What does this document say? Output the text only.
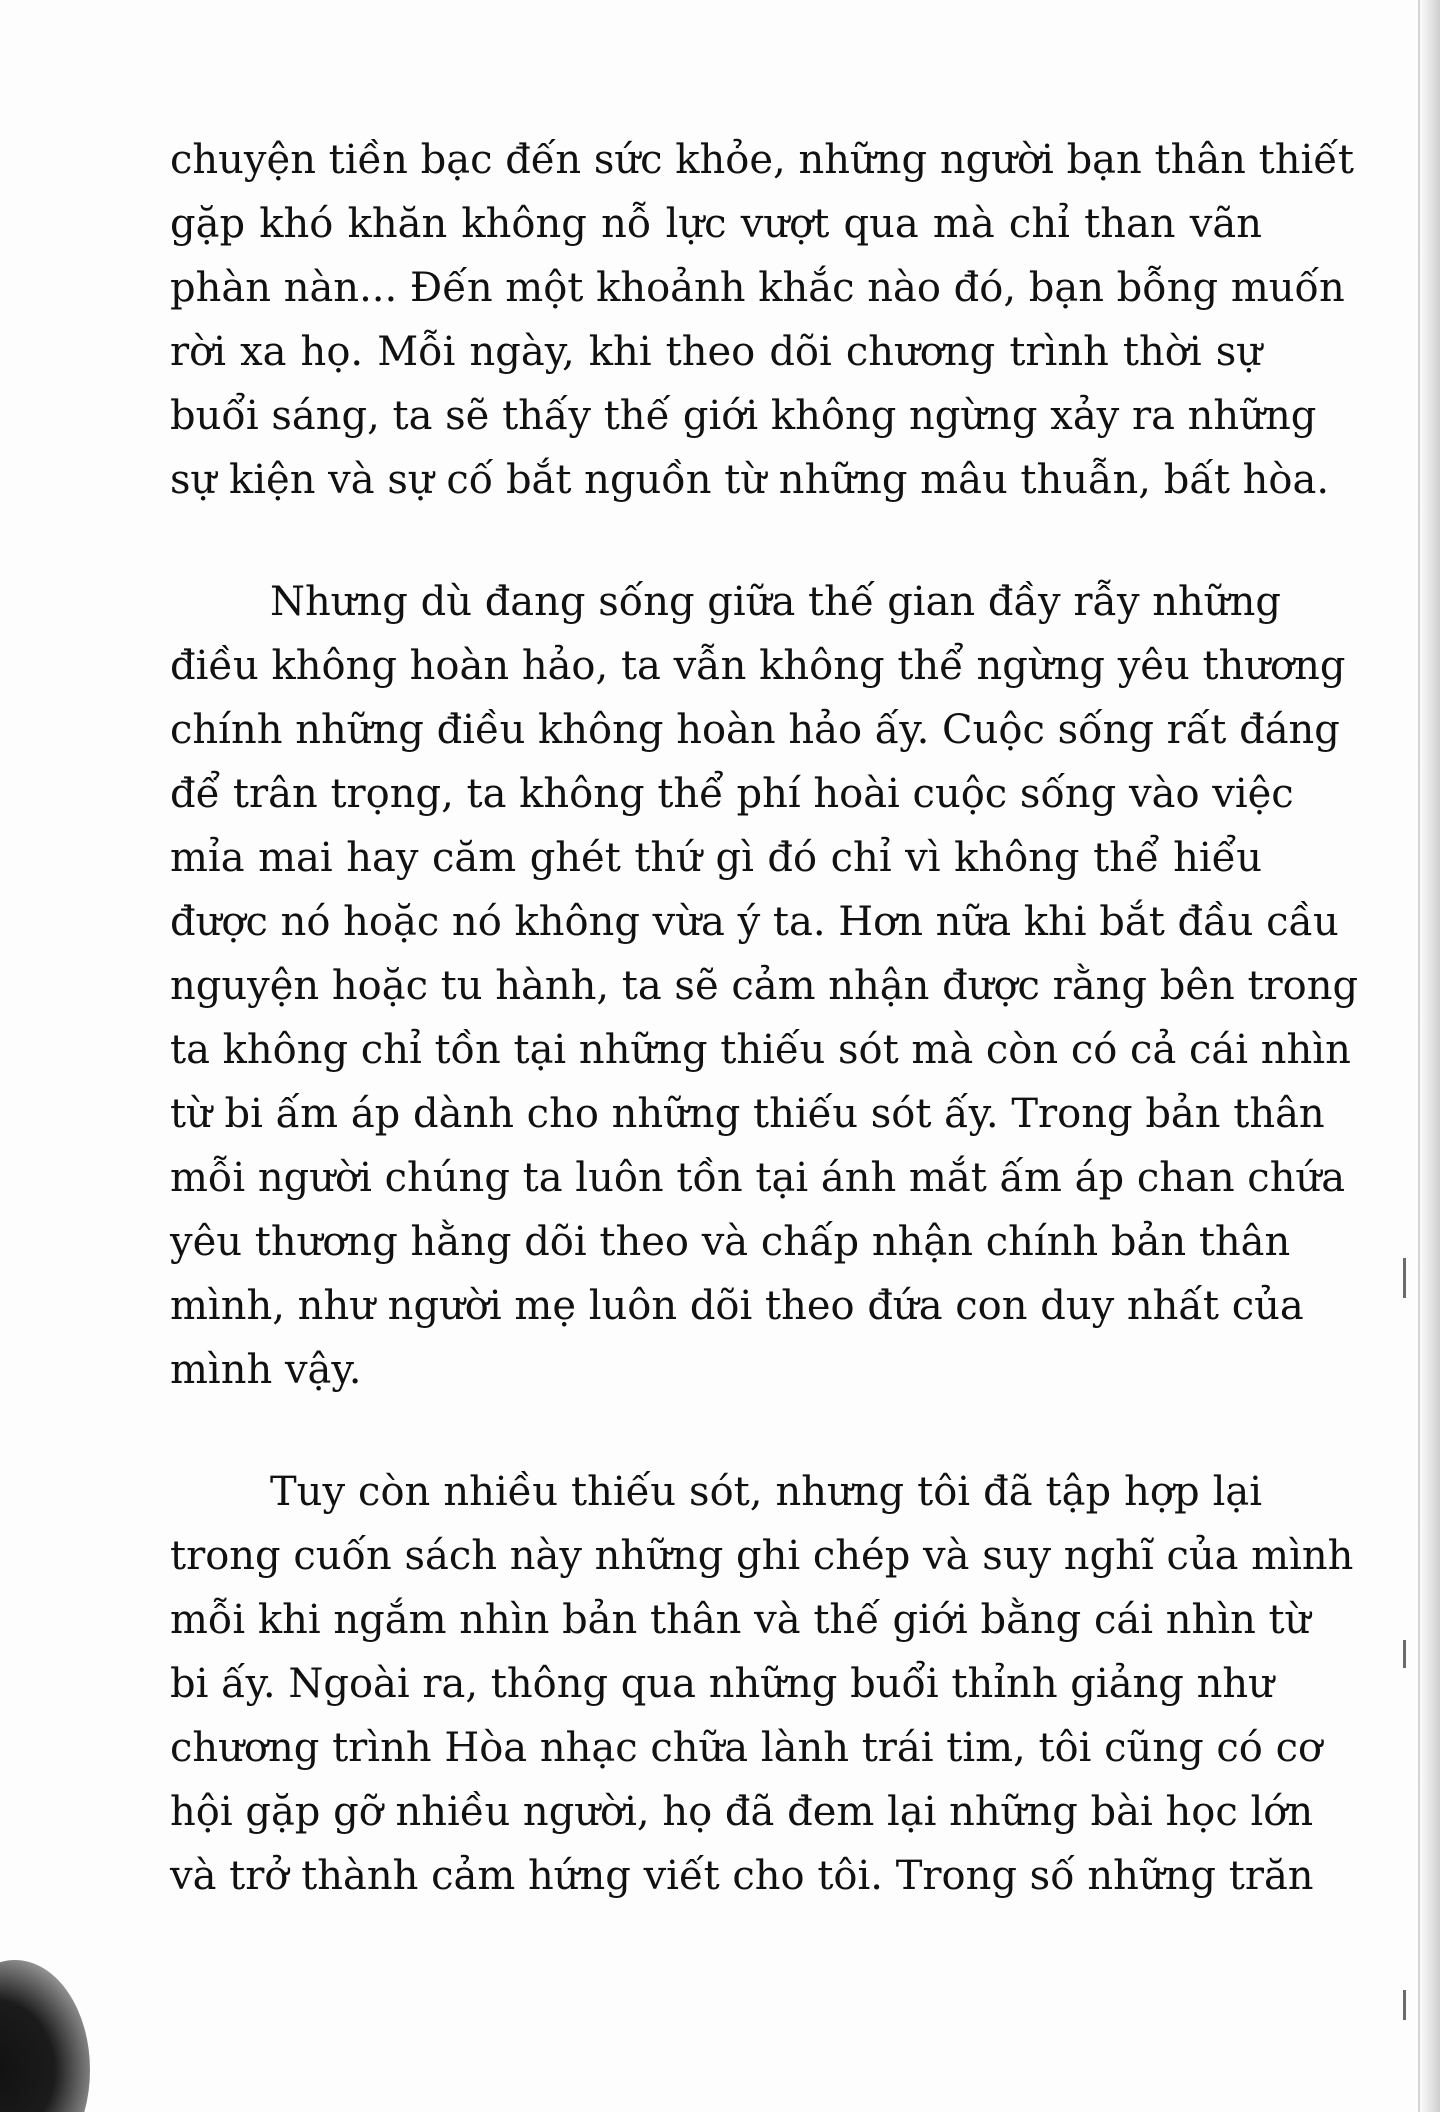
chuyện tiền bạc đến sức khỏe, những người bạn thân thiết
gặp khó khăn không nỗ lực vượt qua mà chỉ than vãn
phàn nàn... Đến một khoảnh khắc nào đó, bạn bỗng muốn
rời xa họ. Mỗi ngày, khi theo dõi chương trình thời sự
buổi sáng, ta sẽ thấy thế giới không ngừng xảy ra những
sự kiện và sự cố bắt nguồn từ những mâu thuẫn, bất hòa.
Nhưng dù đang sống giữa thế gian đầy rẫy những
điều không hoàn hảo, ta vẫn không thể ngừng yêu thương
chính những điều không hoàn hảo ấy. Cuộc sống rất đáng
để trân trọng, ta không thể phí hoài cuộc sống vào việc
mỉa mai hay căm ghét thứ gì đó chỉ vì không thể hiểu
được nó hoặc nó không vừa ý ta. Hơn nữa khi bắt đầu cầu
nguyện hoặc tu hành, ta sẽ cảm nhận được rằng bên trong
ta không chỉ tồn tại những thiếu sót mà còn có cả cái nhìn
từ bi ấm áp dành cho những thiếu sót ấy. Trong bản thân
mỗi người chúng ta luôn tồn tại ánh mắt ấm áp chan chứa
yêu thương hằng dõi theo và chấp nhận chính bản thân
mình, như người mẹ luôn dõi theo đứa con duy nhất của
mình vậy.
Tuy còn nhiều thiếu sót, nhưng tôi đã tập hợp lại
trong cuốn sách này những ghi chép và suy nghĩ của mình
mỗi khi ngắm nhìn bản thân và thế giới bằng cái nhìn từ
bi ấy. Ngoài ra, thông qua những buổi thỉnh giảng như
chương trình Hòa nhạc chữa lành trái tim, tôi cũng có cơ
hội gặp gỡ nhiều người, họ đã đem lại những bài học lớn
và trở thành cảm hứng viết cho tôi. Trong số những trăn
